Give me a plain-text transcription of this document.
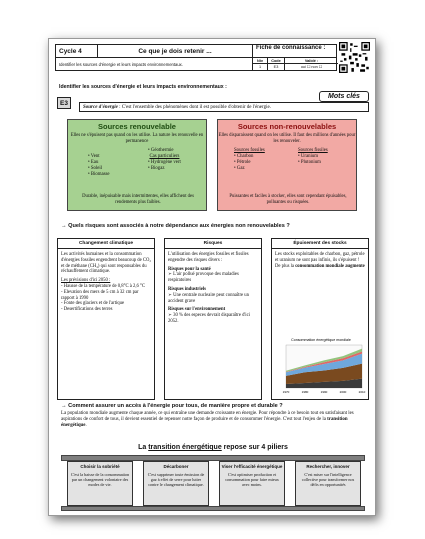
Cycle 4	Ce que je dois retenir ...	Fiche de connaissance :
Identifier les sources d'énergie et leurs impacts environnementaux.
Niv
1
Code
E3
Validé :
oui ☐ non ☐
Identifier les sources d'énergie et leurs impacts environnementaux :
E3
Mots clés
Source d'énergie : C'est l'ensemble des phénomènes dont il est possible d'obtenir de l'énergie.
Sources renouvelable
Elles ne s'épuisent pas quand on les utilise. La nature les renouvelle en permanence
• Vent
• Eau
• Soleil
• Biomasse
• Géothermie
Cas particuliers
• Hydrogène vert
• Biogaz
Durable, inépuisable mais intermittentes, elles affichent des rendements plus faibles.
Sources non-renouvelables
Elles disparaissent quand on les utilise. Il faut des millions d'années pour les renouveler.
Sources fossiles
• Charbon
• Pétrole
• Gaz
Sources fissiles
• Uranium
• Plutonium
Puissantes et faciles à stocker, elles sont cependant épuisables, polluantes ou risquées.
→ Quels risques sont associés à notre dépendance aux énergies non renouvelables ?
Changement climatique

Les activités humaines et la consommation d'énergies fossiles engendrent beaucoup de CO₂ et de méthane (CH₄) qui sont responsables du réchauffement climatique.

Les prévisions d'ici 2050 :

- Hausse de la température de 0,8°C à 2,6 °C

- Elevation des mers de 5 cm à 32 cm par rapport à 1990

- Fonte des glaciers et de l'artique

- Desertifications des terres

Risques

L'utilisation des énergies fossiles et fissiles engendre des risques divers :

Risques pour la santé

➢ L'air pollué provoque des maladies respiratoires

Risques industriels

➢ Une centrale nucleaire peut connaître un accident grave

Risques sur l'environnement

➢ 30 % des especes devrait disparaître d'ici 2052.

Épuisement des stocks

Les stocks exploitables de charbon, gaz, pétrole et uranium ne sont pas infinis, ils s'épuisent !

De plus la consommation mondiale augmente

Consommation énergétique mondiale
1970	1980	1990	2000	2010
→ Comment assurer un accès à l'énergie pour tous, de manière propre et durable ?
La population mondiale augmente chaque année, ce qui entraîne une demande croissante en énergie. Pour répondre à ce besoin tout en satisfaisant les aspirations de confort de tous, il devient essentiel de repenser notre façon de produire et de consommer l'énergie. C'est tout l'enjeu de la transition énergétique.
La transition énergétique repose sur 4 piliers
Choisir la sobriété
C'est la baisse de la consommation par un changement volontaire des modes de vie.
Décarboner
C'est supprimer toute émission de gaz à effet de serre pour lutter contre le changement climatique.
Viser l'efficacité énergétique
C'est optimiser production et consommation pour faire mieux avec moins.
Rechercher, innover
C'est miser sur l'intelligence collective pour transformer nos défis en opportunités
